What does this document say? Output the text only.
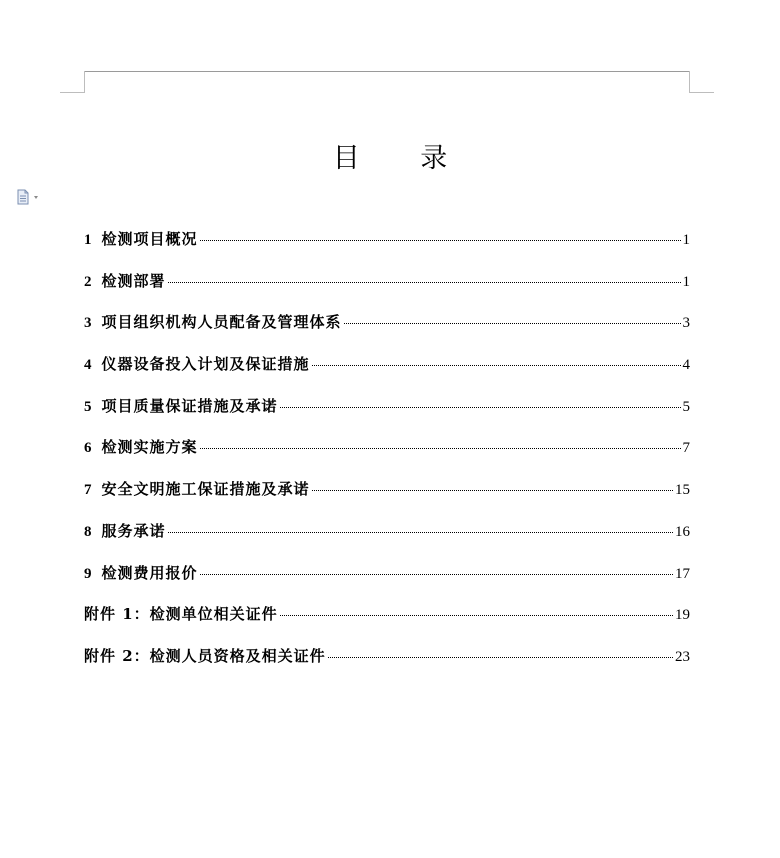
目 录
1 检测项目概况	1
2 检测部署	1
3 项目组织机构人员配备及管理体系	3
4 仪器设备投入计划及保证措施	4
5 项目质量保证措施及承诺	5
6 检测实施方案	7
7 安全文明施工保证措施及承诺	15
8 服务承诺	16
9 检测费用报价	17
附件 1：检测单位相关证件	19
附件 2：检测人员资格及相关证件	23
